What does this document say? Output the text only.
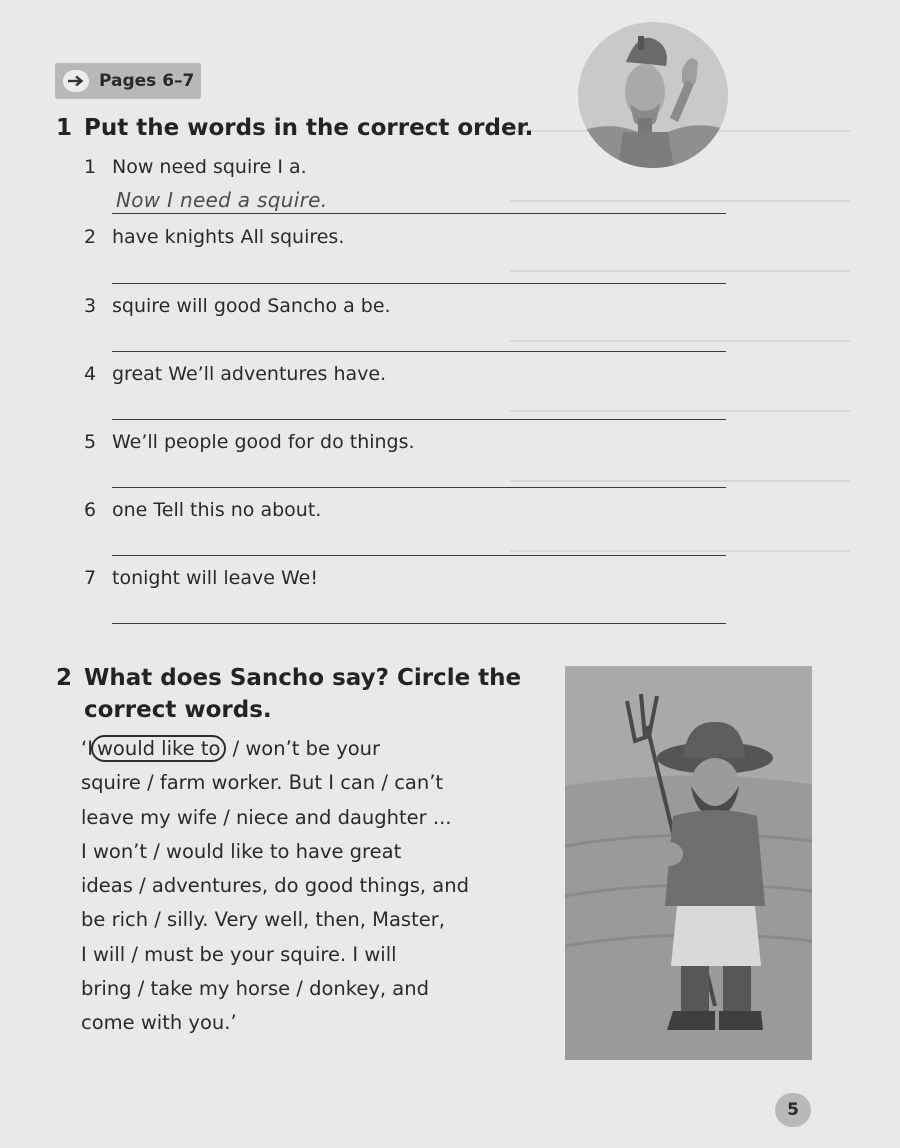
Pages 6–7
1 Put the words in the correct order.
1 Now need squire I a.
Now I need a squire.
2 have knights All squires.
3 squire will good Sancho a be.
4 great We’ll adventures have.
5 We’ll people good for do things.
6 one Tell this no about.
7 tonight will leave We!
2 What does Sancho say? Circle the
correct words.
‘I would like to / won’t be your
squire / farm worker. But I can / can’t
leave my wife / niece and daughter ...
I won’t / would like to have great
ideas / adventures, do good things, and
be rich / silly. Very well, then, Master,
I will / must be your squire. I will
bring / take my horse / donkey, and
come with you.’
5
